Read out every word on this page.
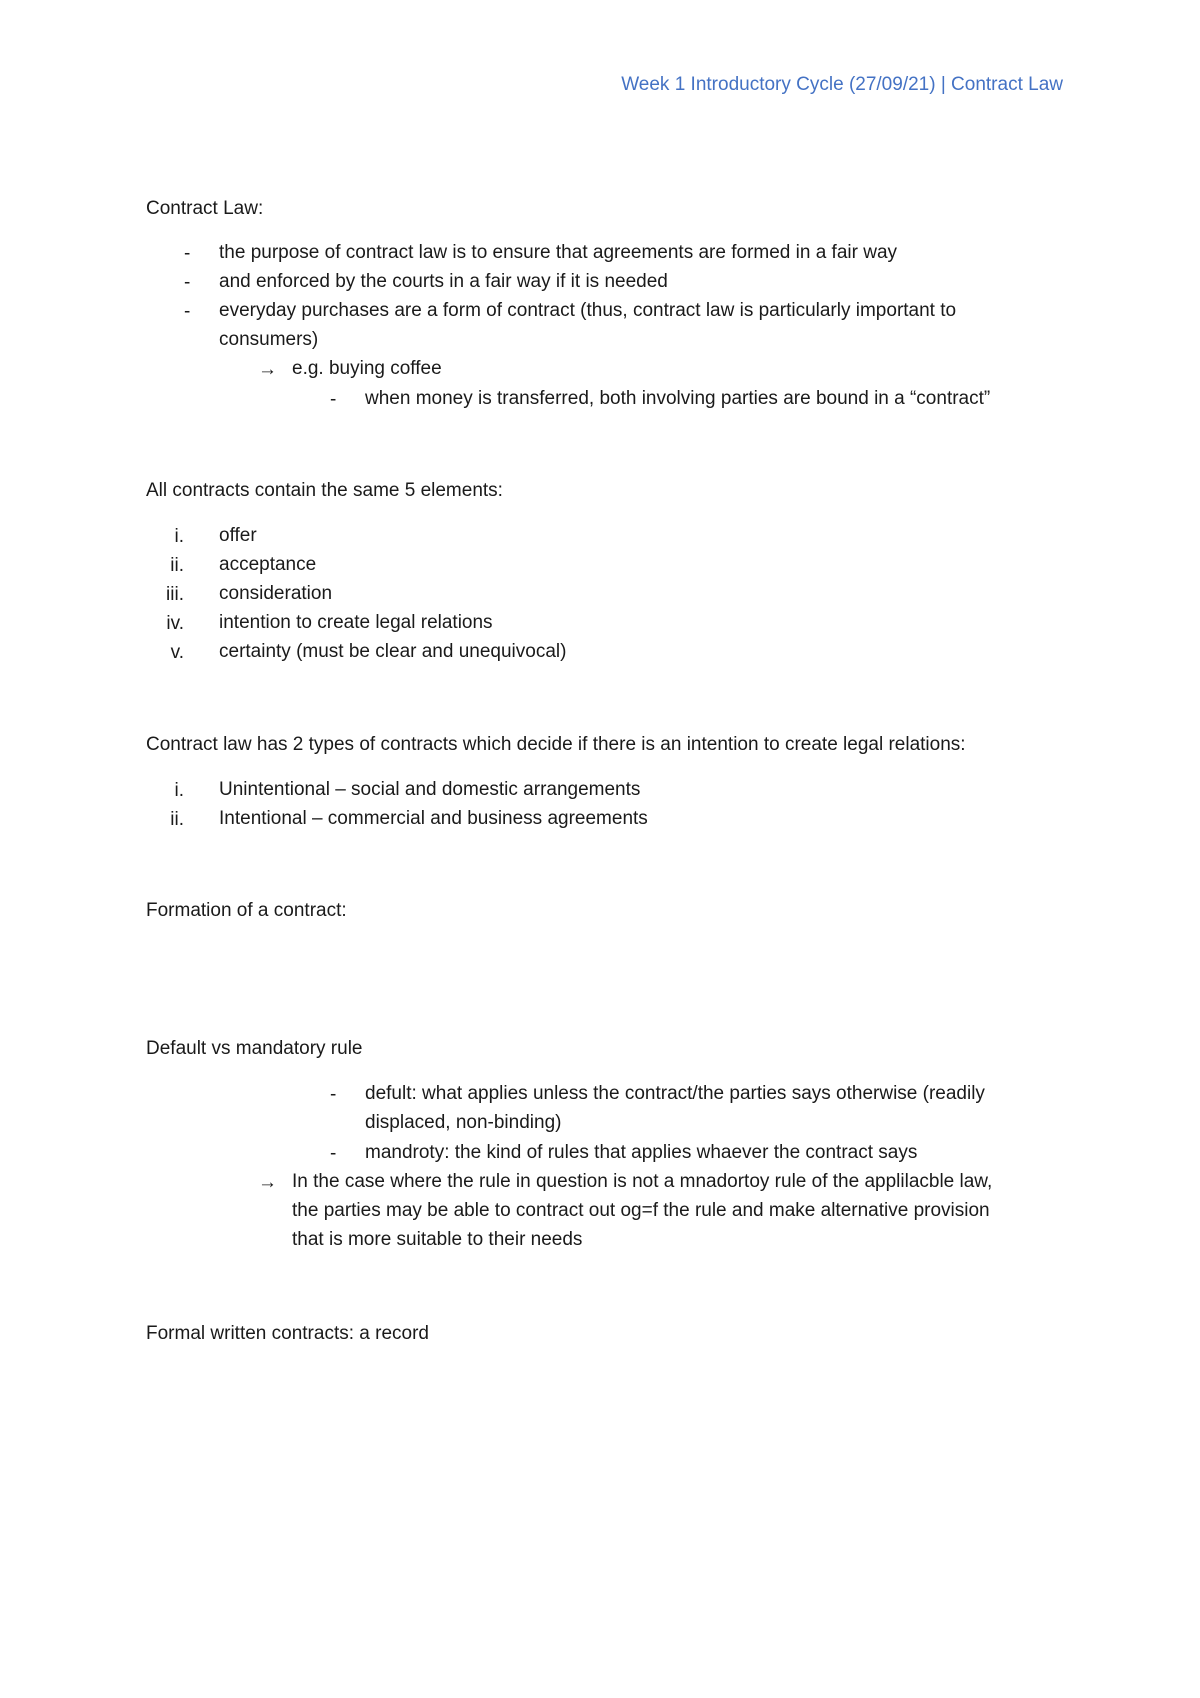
Week 1 Introductory Cycle (27/09/21) | Contract Law
Contract Law:
- the purpose of contract law is to ensure that agreements are formed in a fair way
- and enforced by the courts in a fair way if it is needed
- everyday purchases are a form of contract (thus, contract law is particularly important to
consumers)
→ e.g. buying coffee
- when money is transferred, both involving parties are bound in a “contract”
All contracts contain the same 5 elements:
i. offer
ii. acceptance
iii. consideration
iv. intention to create legal relations
v. certainty (must be clear and unequivocal)
Contract law has 2 types of contracts which decide if there is an intention to create legal relations:
i. Unintentional – social and domestic arrangements
ii. Intentional – commercial and business agreements
Formation of a contract:
Default vs mandatory rule
- defult: what applies unless the contract/the parties says otherwise (readily
displaced, non-binding)
- mandroty: the kind of rules that applies whaever the contract says
→ In the case where the rule in question is not a mnadortoy rule of the applilacble law,
the parties may be able to contract out og=f the rule and make alternative provision
that is more suitable to their needs
Formal written contracts: a record
